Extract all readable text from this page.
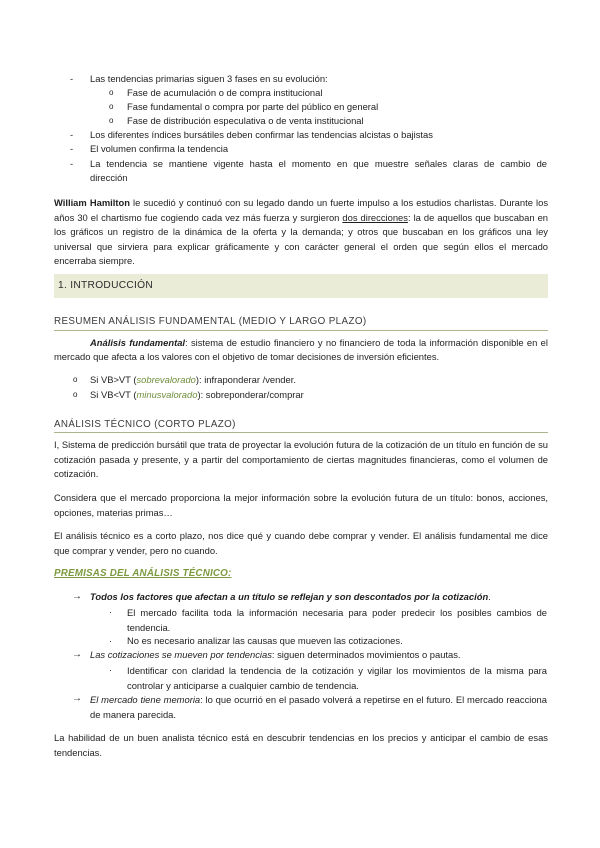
- Las tendencias primarias siguen 3 fases en su evolución:
o Fase de acumulación o de compra institucional
o Fase fundamental o compra por parte del público en general
o Fase de distribución especulativa o de venta institucional
- Los diferentes índices bursátiles deben confirmar las tendencias alcistas o bajistas
- El volumen confirma la tendencia
- La tendencia se mantiene vigente hasta el momento en que muestre señales claras de cambio de
dirección
William Hamilton le sucedió y continuó con su legado dando un fuerte impulso a los estudios charlistas. Durante los años 30 el chartismo fue cogiendo cada vez más fuerza y surgieron dos direcciones: la de aquellos que buscaban en los gráficos un registro de la dinámica de la oferta y la demanda; y otros que buscaban en los gráficos una ley universal que sirviera para explicar gráficamente y con carácter general el orden que según ellos el mercado encerraba siempre.
1. INTRODUCCIÓN
RESUMEN ANÁLISIS FUNDAMENTAL (MEDIO Y LARGO PLAZO)
Análisis fundamental: sistema de estudio financiero y no financiero de toda la información disponible en el mercado que afecta a los valores con el objetivo de tomar decisiones de inversión eficientes.
o Si VB>VT (sobrevalorado): infraponderar /vender.
o Si VB<VT (minusvalorado): sobreponderar/comprar
ANÁLISIS TÉCNICO (CORTO PLAZO)
I, Sistema de predicción bursátil que trata de proyectar la evolución futura de la cotización de un título en función de su cotización pasada y presente, y a partir del comportamiento de ciertas magnitudes financieras, como el volumen de cotización.
Considera que el mercado proporciona la mejor información sobre la evolución futura de un título: bonos, acciones, opciones, materias primas…
El análisis técnico es a corto plazo, nos dice qué y cuando debe comprar y vender. El análisis fundamental me dice que comprar y vender, pero no cuando.
PREMISAS DEL ANÁLISIS TÉCNICO:
→ Todos los factores que afectan a un título se reflejan y son descontados por la cotización.
· El mercado facilita toda la información necesaria para poder predecir los posibles cambios de tendencia.
· No es necesario analizar las causas que mueven las cotizaciones.
→ Las cotizaciones se mueven por tendencias: siguen determinados movimientos o pautas.
· Identificar con claridad la tendencia de la cotización y vigilar los movimientos de la misma para controlar y anticiparse a cualquier cambio de tendencia.
→ El mercado tiene memoria: lo que ocurrió en el pasado volverá a repetirse en el futuro. El mercado reacciona de manera parecida.
La habilidad de un buen analista técnico está en descubrir tendencias en los precios y anticipar el cambio de esas tendencias.
